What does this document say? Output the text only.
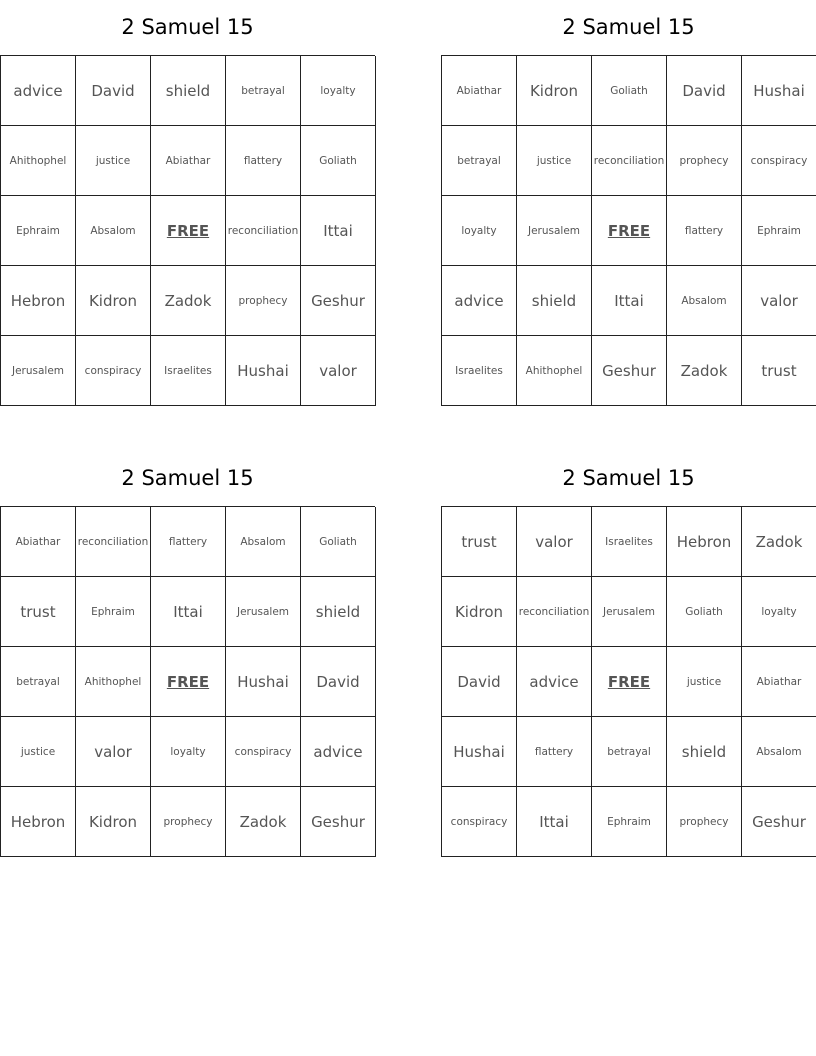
2 Samuel 15
advice	David	shield	betrayal	loyalty
Ahithophel	justice	Abiathar	flattery	Goliath
Ephraim	Absalom	FREE	reconciliation	Ittai
Hebron	Kidron	Zadok	prophecy	Geshur
Jerusalem	conspiracy	Israelites	Hushai	valor
2 Samuel 15
Abiathar	Kidron	Goliath	David	Hushai
betrayal	justice	reconciliation	prophecy	conspiracy
loyalty	Jerusalem	FREE	flattery	Ephraim
advice	shield	Ittai	Absalom	valor
Israelites	Ahithophel	Geshur	Zadok	trust
2 Samuel 15
Abiathar	reconciliation	flattery	Absalom	Goliath
trust	Ephraim	Ittai	Jerusalem	shield
betrayal	Ahithophel	FREE	Hushai	David
justice	valor	loyalty	conspiracy	advice
Hebron	Kidron	prophecy	Zadok	Geshur
2 Samuel 15
trust	valor	Israelites	Hebron	Zadok
Kidron	reconciliation	Jerusalem	Goliath	loyalty
David	advice	FREE	justice	Abiathar
Hushai	flattery	betrayal	shield	Absalom
conspiracy	Ittai	Ephraim	prophecy	Geshur
